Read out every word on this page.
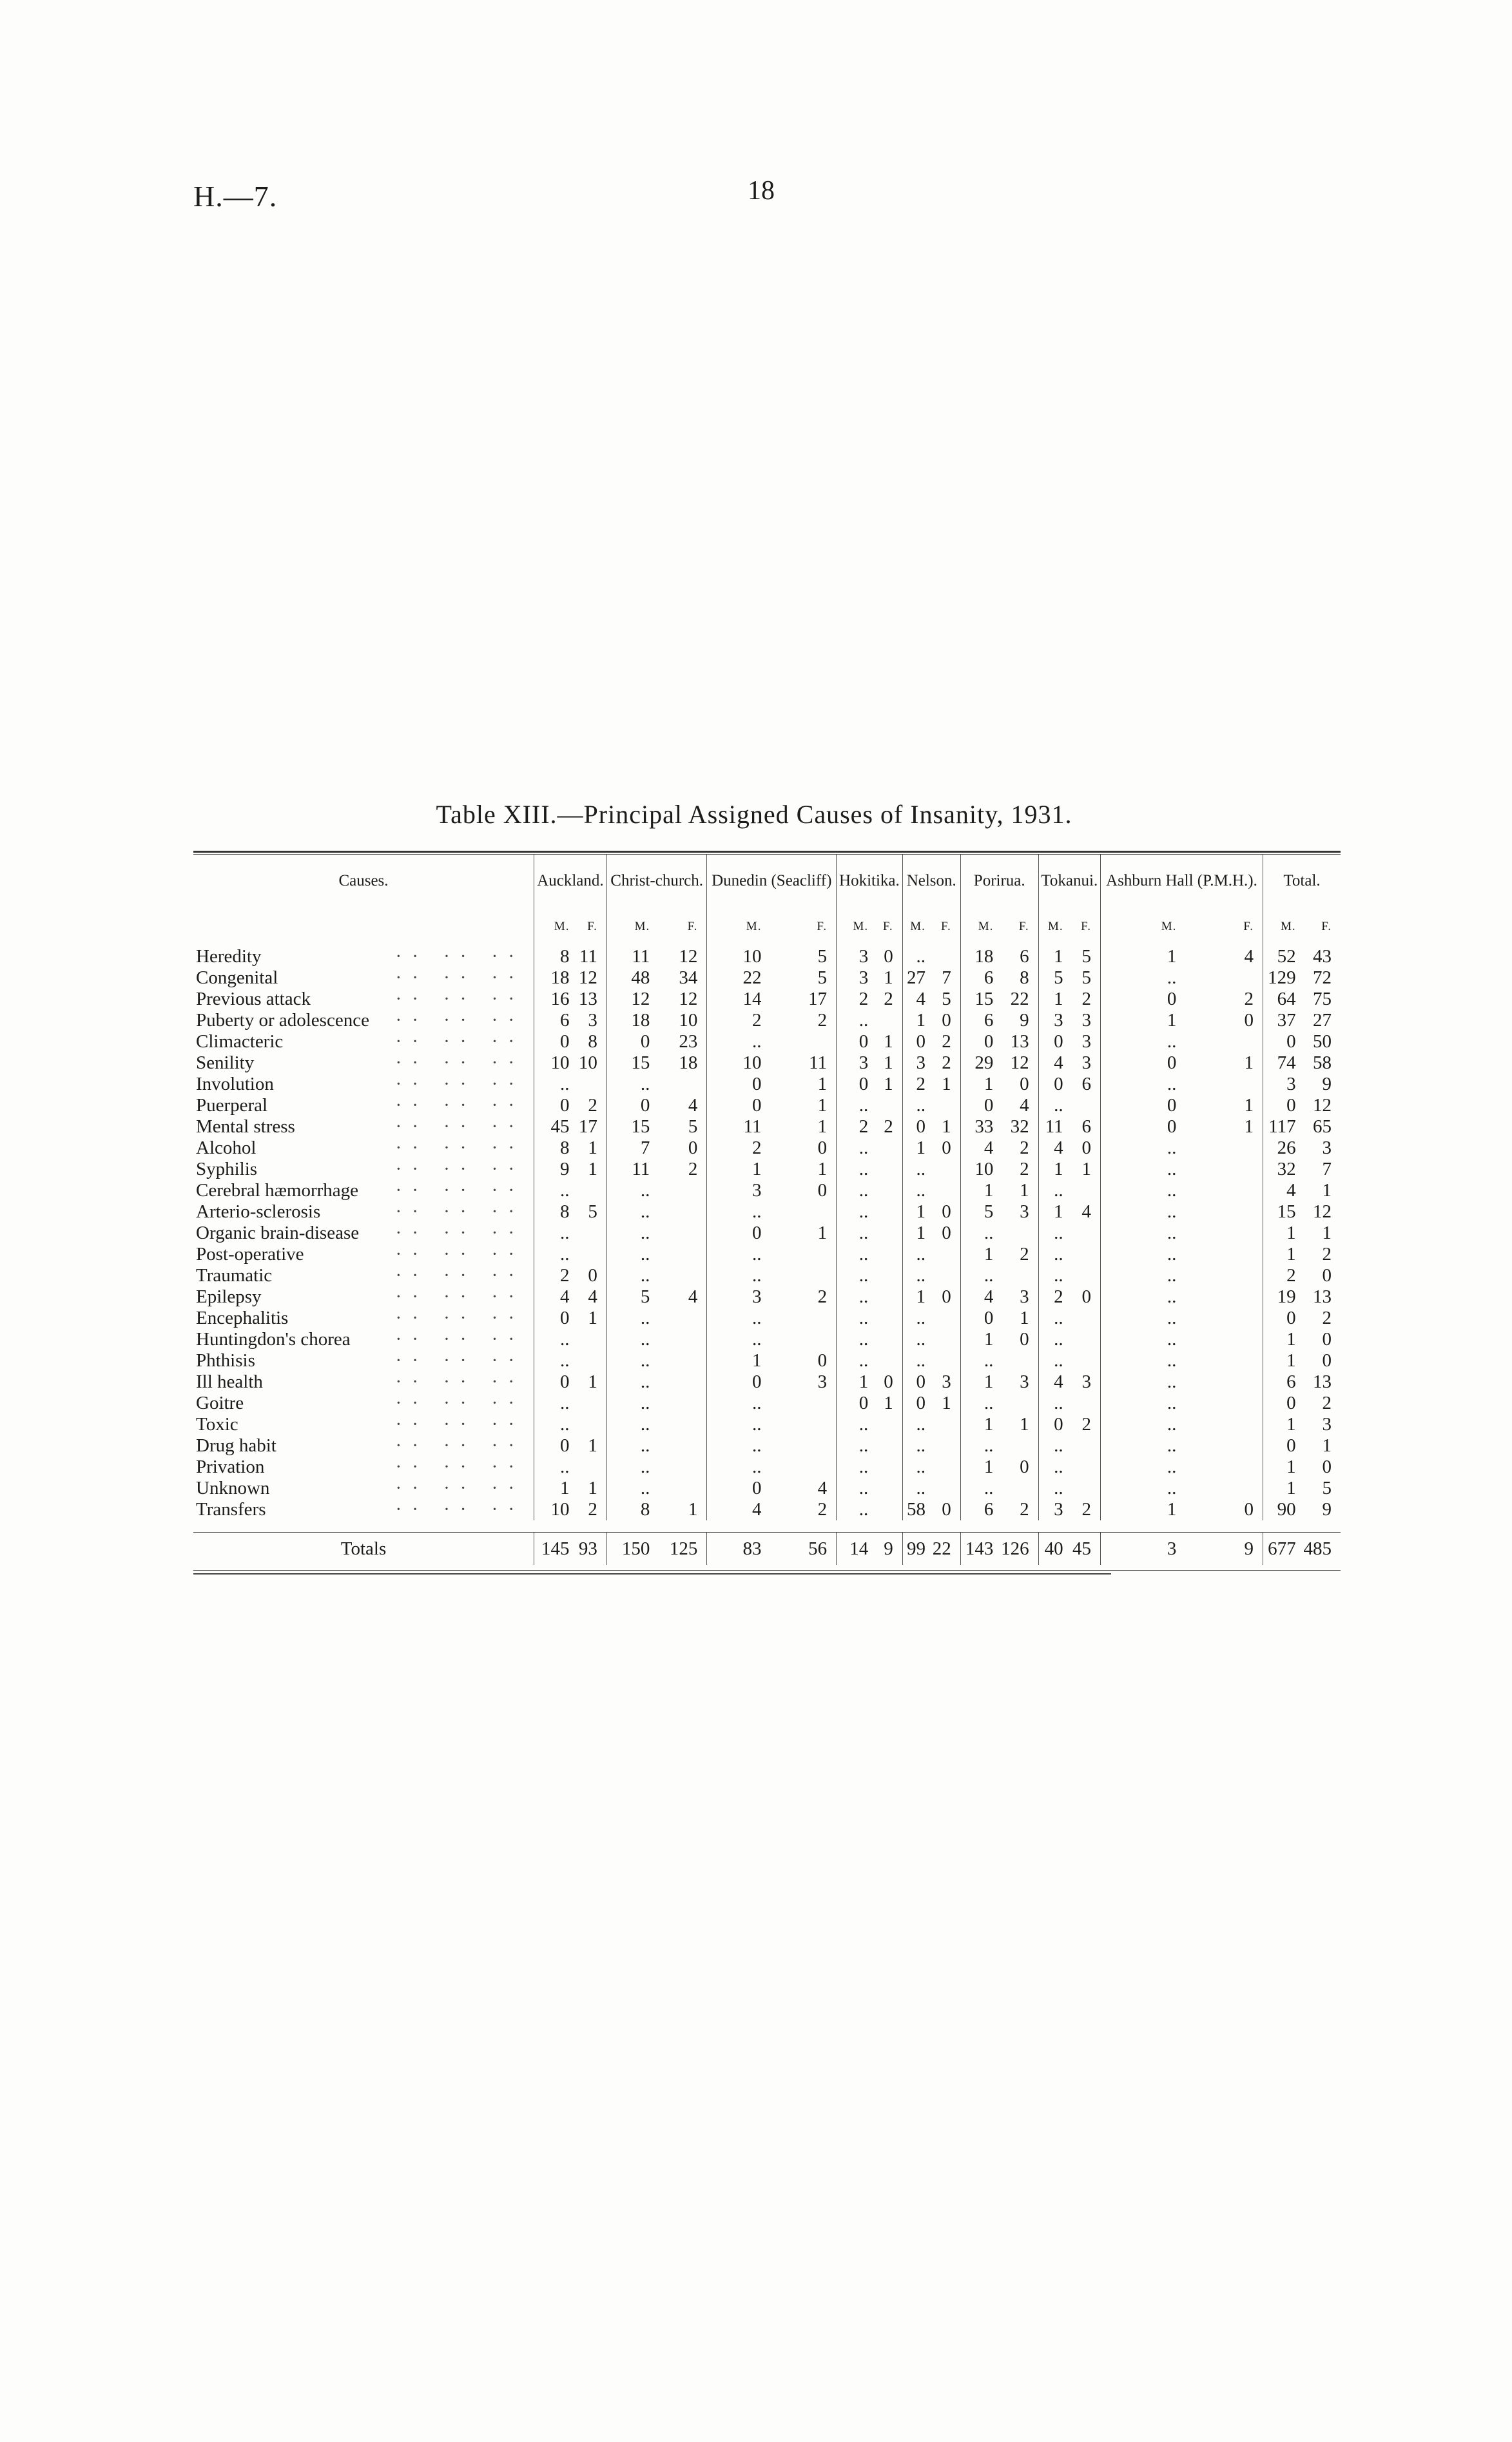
H.—7.	18
Table XIII.—Principal Assigned Causes of Insanity, 1931.
Causes.	Auckland.		Christ-church.		Dunedin (Seacliff)		Hokitika.		Nelson.		Porirua.		Tokanui.		Ashburn Hall (P.M.H.).		Total.	
	M.	F.	M.	F.	M.	F.	M.	F.	M.	F.	M.	F.	M.	F.	M.	F.	M.	F.
Heredity ·· ·· ··	8	11	11	12	10	5	3	0	..		18	6	1	5	1	4	52	43
Congenital ·· ·· ··	18	12	48	34	22	5	3	1	27	7	6	8	5	5	..		129	72
Previous attack ·· ·· ··	16	13	12	12	14	17	2	2	4	5	15	22	1	2	0	2	64	75
Puberty or adolescence ·· ·· ··	6	3	18	10	2	2	..		1	0	6	9	3	3	1	0	37	27
Climacteric ·· ·· ··	0	8	0	23	..		0	1	0	2	0	13	0	3	..		0	50
Senility ·· ·· ··	10	10	15	18	10	11	3	1	3	2	29	12	4	3	0	1	74	58
Involution ·· ·· ··	..		..		0	1	0	1	2	1	1	0	0	6	..		3	9
Puerperal ·· ·· ··	0	2	0	4	0	1	..		..		0	4	..		0	1	0	12
Mental stress ·· ·· ··	45	17	15	5	11	1	2	2	0	1	33	32	11	6	0	1	117	65
Alcohol ·· ·· ··	8	1	7	0	2	0	..		1	0	4	2	4	0	..		26	3
Syphilis ·· ·· ··	9	1	11	2	1	1	..		..		10	2	1	1	..		32	7
Cerebral hæmorrhage ·· ·· ··	..		..		3	0	..		..		1	1	..		..		4	1
Arterio-sclerosis ·· ·· ··	8	5	..		..		..		1	0	5	3	1	4	..		15	12
Organic brain-disease ·· ·· ··	..		..		0	1	..		1	0	..		..		..		1	1
Post-operative ·· ·· ··	..		..		..		..		..		1	2	..		..		1	2
Traumatic ·· ·· ··	2	0	..		..		..		..		..		..		..		2	0
Epilepsy ·· ·· ··	4	4	5	4	3	2	..		1	0	4	3	2	0	..		19	13
Encephalitis ·· ·· ··	0	1	..		..		..		..		0	1	..		..		0	2
Huntingdon's chorea ·· ·· ··	..		..		..		..		..		1	0	..		..		1	0
Phthisis ·· ·· ··	..		..		1	0	..		..		..		..		..		1	0
Ill health ·· ·· ··	0	1	..		0	3	1	0	0	3	1	3	4	3	..		6	13
Goitre ·· ·· ··	..		..		..		0	1	0	1	..		..		..		0	2
Toxic ·· ·· ··	..		..		..		..		..		1	1	0	2	..		1	3
Drug habit ·· ·· ··	0	1	..		..		..		..		..		..		..		0	1
Privation ·· ·· ··	..		..		..		..		..		1	0	..		..		1	0
Unknown ·· ·· ··	1	1	..		0	4	..		..		..		..		..		1	5
Transfers ·· ·· ··	10	2	8	1	4	2	..		58	0	6	2	3	2	1	0	90	9

Totals	145	93	150	125	83	56	14	9	99	22	143	126	40	45	3	9	677	485
